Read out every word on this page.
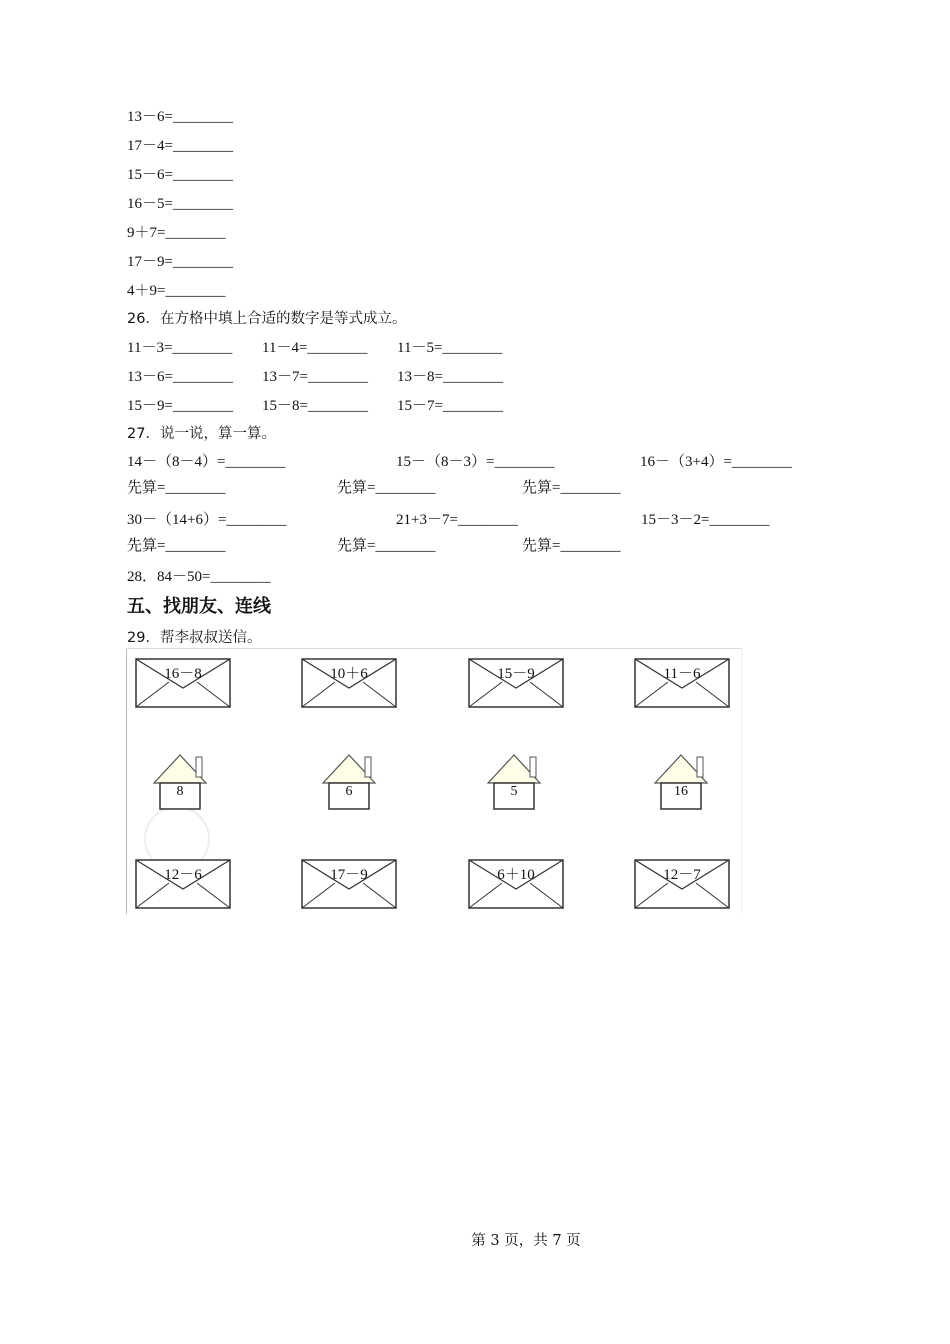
13－6=________
17－4=________
15－6=________
16－5=________
9＋7=________
17－9=________
4＋9=________
26．在方格中填上合适的数字是等式成立。
11－3=________ 11－4=________ 11－5=________
13－6=________ 13－7=________ 13－8=________
15－9=________ 15－8=________ 15－7=________
27．说一说，算一算。
14－（8－4）=________	15－（8－3）=________	16－（3+4）=________
先算=________	先算=________	先算=________
30－（14+6）=________	21+3－7=________	15－3－2=________
先算=________	先算=________	先算=________
28．84－50=________
五、找朋友、连线
29．帮李叔叔送信。
16－8	10＋6	15－9	11－6
8	6	5	16
12－6	17－9	6＋10	12－7
第 3 页，共 7 页
